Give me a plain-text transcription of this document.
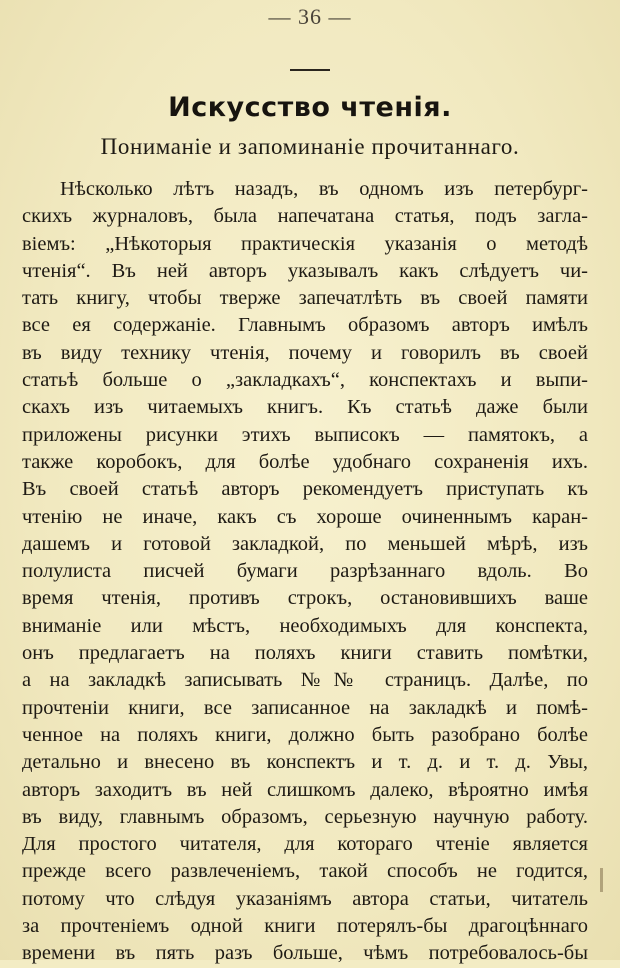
— 36 —
Искусство чтенія.
Пониманіе и запоминаніе прочитаннаго.
Нѣсколько лѣтъ назадъ, въ одномъ изъ петербург-
скихъ журналовъ, была напечатана статья, подъ загла-
віемъ: „Нѣкоторыя практическія указанія о методѣ
чтенія“. Въ ней авторъ указывалъ какъ слѣдуетъ чи-
тать книгу, чтобы тверже запечатлѣть въ своей памяти
все ея содержаніе. Главнымъ образомъ авторъ имѣлъ
въ виду технику чтенія, почему и говорилъ въ своей
статьѣ больше о „закладкахъ“, конспектахъ и выпи-
скахъ изъ читаемыхъ книгъ. Къ статьѣ даже были
приложены рисунки этихъ выписокъ — памятокъ, а
также коробокъ, для болѣе удобнаго сохраненія ихъ.
Въ своей статьѣ авторъ рекомендуетъ приступать къ
чтенію не иначе, какъ съ хороше очиненнымъ каран-
дашемъ и готовой закладкой, по меньшей мѣрѣ, изъ
полулиста писчей бумаги разрѣзаннаго вдоль. Во
время чтенія, противъ строкъ, остановившихъ ваше
вниманіе или мѣстъ, необходимыхъ для конспекта,
онъ предлагаетъ на поляхъ книги ставить помѣтки,
а на закладкѣ записывать №№ страницъ. Далѣе, по
прочтеніи книги, все записанное на закладкѣ и помѣ-
ченное на поляхъ книги, должно быть разобрано болѣе
детально и внесено въ конспектъ и т. д. и т. д. Увы,
авторъ заходитъ въ ней слишкомъ далеко, вѣроятно имѣя
въ виду, главнымъ образомъ, серьезную научную работу.
Для простого читателя, для котораго чтеніе является
прежде всего развлеченіемъ, такой способъ не годится,
потому что слѣдуя указаніямъ автора статьи, читатель
за прочтеніемъ одной книги потерялъ-бы драгоцѣннаго
времени въ пять разъ больше, чѣмъ потребовалось-бы
